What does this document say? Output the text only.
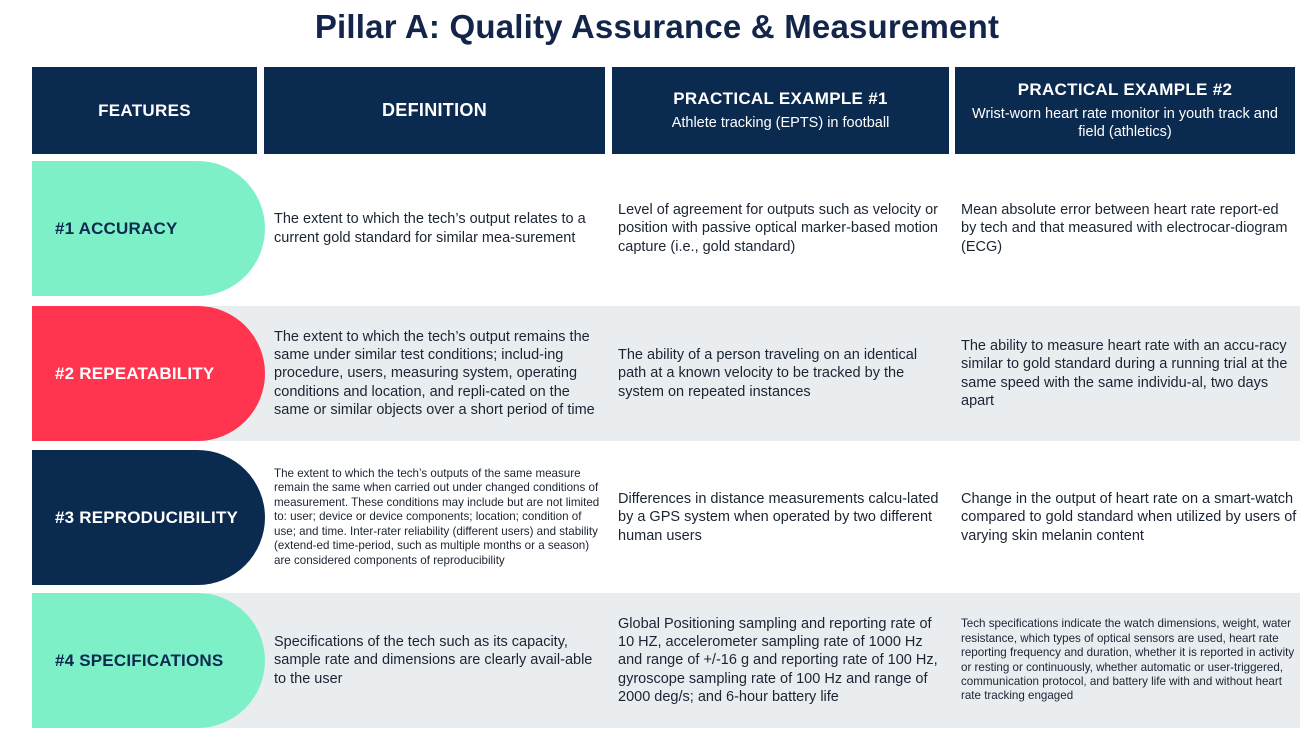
Pillar A: Quality Assurance & Measurement
FEATURES	DEFINITION
PRACTICAL EXAMPLE #1
Athlete tracking (EPTS) in football
PRACTICAL EXAMPLE #2
Wrist-worn heart rate monitor in youth track and field (athletics)
#1 ACCURACY	The extent to which the tech’s output relates to a current gold standard for similar mea-surement
Level of agreement for outputs such as velocity or position with passive optical marker-based motion capture (i.e., gold standard)
Mean absolute error between heart rate report-ed by tech and that measured with electrocar-diogram (ECG)
#2 REPEATABILITY
The extent to which the tech’s output remains the same under similar test conditions; includ-ing procedure, users, measuring system, operating conditions and location, and repli-cated on the same or similar objects over a short period of time
The ability of a person traveling on an identical path at a known velocity to be tracked by the system on repeated instances
The ability to measure heart rate with an accu-racy similar to gold standard during a running trial at the same speed with the same individu-al, two days apart
#3 REPRODUCIBILITY
The extent to which the tech’s outputs of the same measure remain the same when carried out under changed conditions of measurement. These conditions may include but are not limited to: user; device or device components; location; condition of use; and time. Inter-rater reliability (different users) and stability (extend-ed time-period, such as multiple months or a season) are considered components of reproducibility
Differences in distance measurements calcu-lated by a GPS system when operated by two different human users
Change in the output of heart rate on a smart-watch compared to gold standard when utilized by users of varying skin melanin content
#4 SPECIFICATIONS
Specifications of the tech such as its capacity, sample rate and dimensions are clearly avail-able to the user
Global Positioning sampling and reporting rate of 10 HZ, accelerometer sampling rate of 1000 Hz and range of +/-16 g and reporting rate of 100 Hz, gyroscope sampling rate of 100 Hz and range of 2000 deg/s; and 6-hour battery life
Tech specifications indicate the watch dimensions, weight, water resistance, which types of optical sensors are used, heart rate reporting frequency and duration, whether it is reported in activity or resting or continuously, whether automatic or user-triggered, communication protocol, and battery life with and without heart rate tracking engaged
